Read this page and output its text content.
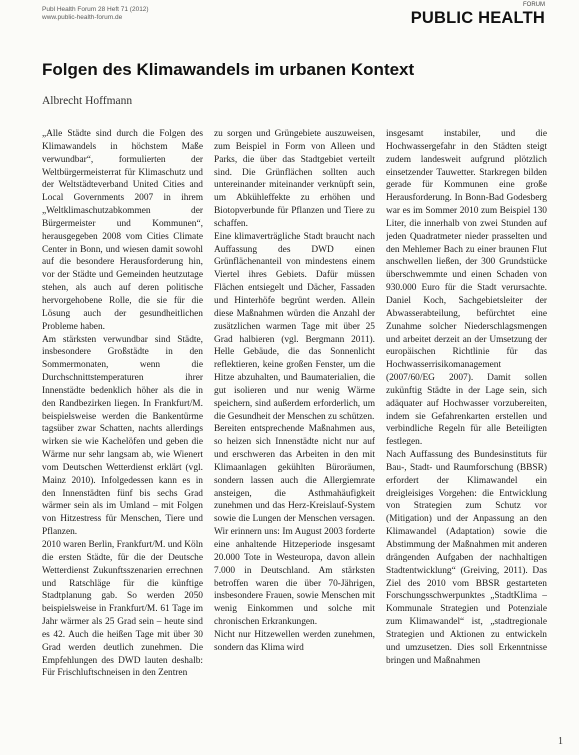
Publ Health Forum 28 Heft 71 (2012)
www.public-health-forum.de
FORUM
PUBLIC HEALTH
Folgen des Klimawandels im urbanen Kontext
Albrecht Hoffmann

„Alle Städte sind durch die Folgen des Klimawandels in höchstem Maße verwundbar“, formulierten der Weltbürgermeisterrat für Klimaschutz und der Weltstädteverband United Cities and Local Governments 2007 in ihrem „Weltklimaschutzabkommen der Bürgermeister und Kommunen“, herausgegeben 2008 vom Cities Climate Center in Bonn, und wiesen damit sowohl auf die besondere Herausforderung hin, vor der Städte und Gemeinden heutzutage stehen, als auch auf deren politische hervorgehobene Rolle, die sie für die Lösung auch der gesundheitlichen Probleme haben.

Am stärksten verwundbar sind Städte, insbesondere Großstädte in den Sommermonaten, wenn die Durchschnittstemperaturen ihrer Innenstädte bedenklich höher als die in den Randbezirken liegen. In Frankfurt/M. beispielsweise werden die Bankentürme tagsüber zwar Schatten, nachts allerdings wirken sie wie Kachelöfen und geben die Wärme nur sehr langsam ab, wie Wienert vom Deutschen Wetterdienst erklärt (vgl. Mainz 2010). Infolgedessen kann es in den Innenstädten fünf bis sechs Grad wärmer sein als im Umland – mit Folgen von Hitzestress für Menschen, Tiere und Pflanzen.

2010 waren Berlin, Frankfurt/M. und Köln die ersten Städte, für die der Deutsche Wetterdienst Zukunftsszenarien errechnen und Ratschläge für die künftige Stadtplanung gab. So werden 2050 beispielsweise in Frankfurt/M. 61 Tage im Jahr wärmer als 25 Grad sein – heute sind es 42. Auch die heißen Tage mit über 30 Grad werden deutlich zunehmen. Die Empfehlungen des DWD lauten deshalb: Für Frischluftschneisen in den Zentren

zu sorgen und Grüngebiete auszuweisen, zum Beispiel in Form von Alleen und Parks, die über das Stadtgebiet verteilt sind. Die Grünflächen sollten auch untereinander miteinander verknüpft sein, um Abkühleffekte zu erhöhen und Biotopverbunde für Pflanzen und Tiere zu schaffen.

Eine klimaverträgliche Stadt braucht nach Auffassung des DWD einen Grünflächenanteil von mindestens einem Viertel ihres Gebiets. Dafür müssen Flächen entsiegelt und Dächer, Fassaden und Hinterhöfe begrünt werden. Allein diese Maßnahmen würden die Anzahl der zusätzlichen warmen Tage mit über 25 Grad halbieren (vgl. Bergmann 2011). Helle Gebäude, die das Sonnenlicht reflektieren, keine großen Fenster, um die Hitze abzuhalten, und Baumaterialien, die gut isolieren und nur wenig Wärme speichern, sind außerdem erforderlich, um die Gesundheit der Menschen zu schützen.

Bereiten entsprechende Maßnahmen aus, so heizen sich Innenstädte nicht nur auf und erschweren das Arbeiten in den mit Klimaanlagen gekühlten Büroräumen, sondern lassen auch die Allergiemrate ansteigen, die Asthmahäufigkeit zunehmen und das Herz-Kreislauf-System sowie die Lungen der Menschen versagen. Wir erinnern uns: Im August 2003 forderte eine anhaltende Hitzeperiode insgesamt 20.000 Tote in Westeuropa, davon allein 7.000 in Deutschland. Am stärksten betroffen waren die über 70-Jährigen, insbesondere Frauen, sowie Menschen mit wenig Einkommen und solche mit chronischen Erkrankungen.

Nicht nur Hitzewellen werden zunehmen, sondern das Klima wird

insgesamt instabiler, und die Hochwassergefahr in den Städten steigt zudem landesweit aufgrund plötzlich einsetzender Tauwetter. Starkregen bilden gerade für Kommunen eine große Herausforderung. In Bonn-Bad Godesberg war es im Sommer 2010 zum Beispiel 130 Liter, die innerhalb von zwei Stunden auf jeden Quadratmeter nieder prasselten und den Mehlemer Bach zu einer braunen Flut anschwellen ließen, der 300 Grundstücke überschwemmte und einen Schaden von 930.000 Euro für die Stadt verursachte. Daniel Koch, Sachgebietsleiter der Abwasserabteilung, befürchtet eine Zunahme solcher Niederschlagsmengen und arbeitet derzeit an der Umsetzung der europäischen Richtlinie für das Hochwasserrisikomanagement (2007/60/EG 2007). Damit sollen zukünftig Städte in der Lage sein, sich adäquater auf Hochwasser vorzubereiten, indem sie Gefahrenkarten erstellen und verbindliche Regeln für alle Beteiligten festlegen.

Nach Auffassung des Bundesinstituts für Bau-, Stadt- und Raumforschung (BBSR) erfordert der Klimawandel ein dreigleisiges Vorgehen: die Entwicklung von Strategien zum Schutz vor (Mitigation) und der Anpassung an den Klimawandel (Adaptation) sowie die Abstimmung der Maßnahmen mit anderen drängenden Aufgaben der nachhaltigen Stadtentwicklung“ (Greiving, 2011). Das Ziel des 2010 vom BBSR gestarteten Forschungsschwerpunktes „StadtKlima – Kommunale Strategien und Potenziale zum Klimawandel“ ist, „stadtregionale Strategien und Aktionen zu entwickeln und umzusetzen. Dies soll Erkenntnisse bringen und Maßnahmen

1
